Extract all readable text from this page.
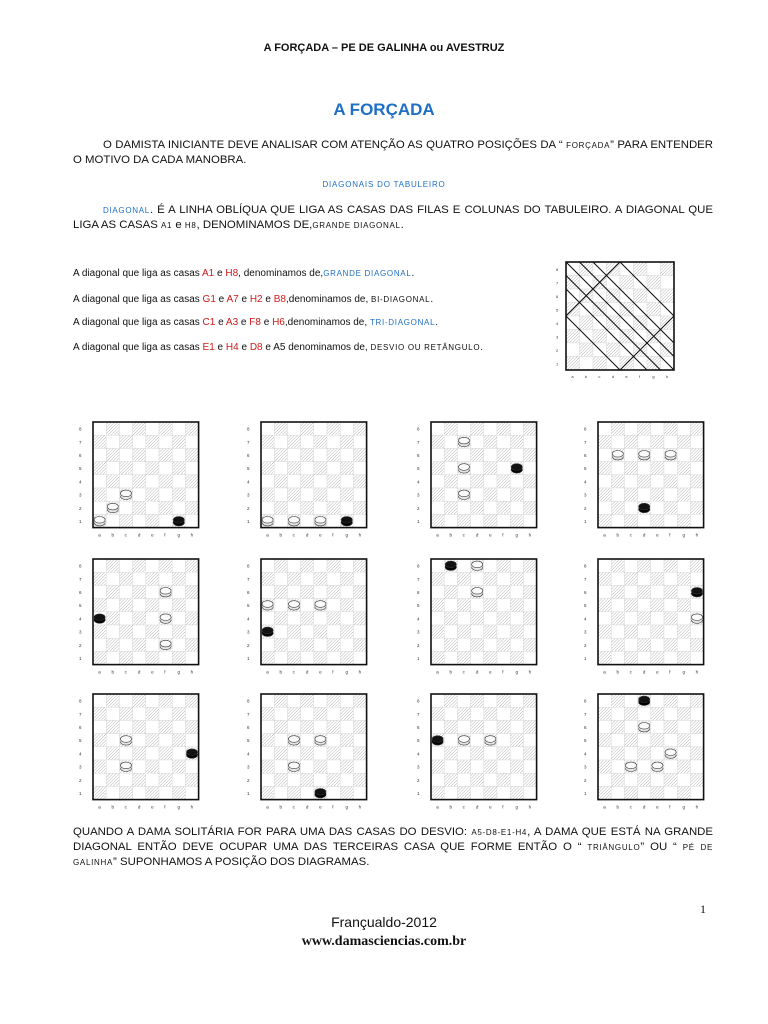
A FORÇADA – PE DE GALINHA ou AVESTRUZ
A FORÇADA
O DAMISTA INICIANTE DEVE ANALISAR COM ATENÇÃO AS QUATRO POSIÇÕES DA “ FORÇADA” PARA ENTENDER O MOTIVO DA CADA MANOBRA.
DIAGONAIS DO TABULEIRO
DIAGONAL. É A LINHA OBLÍQUA QUE LIGA AS CASAS DAS FILAS E COLUNAS DO TABULEIRO. A DIAGONAL QUE LIGA AS CASAS A1 e H8, DENOMINAMOS DE,GRANDE DIAGONAL.
A diagonal que liga as casas A1 e H8, denominamos de,GRANDE DIAGONAL.
A diagonal que liga as casas G1 e A7 e H2 e B8,denominamos de, BI-DIAGONAL.
A diagonal que liga as casas C1 e A3 e F8 e H6,denominamos de, TRI-DIAGONAL.
A diagonal que liga as casas E1 e H4 e D8 e A5 denominamos de, DESVIO OU RETÂNGULO.
1
2
3
4
5
6
7
8
a	b	c	d	e	f	g	h
1
2
3
4
5
6
7
8
a b c d e f	g h
1
2
3
4
5
6
7
8
a b c d e f	g h
1
2
3
4
5
6
7
8
a b c d e f	g h
1
2
3
4
5
6
7
8
a b c d e f	g h
1
2
3
4
5
6
7
8
a b c d e f	g h
1
2
3
4
5
6
7
8
a b c d e f	g h
1
2
3
4
5
6
7
8
a b c d e f	g h
1
2
3
4
5
6
7
8
a b c d e f	g h
1
2
3
4
5
6
7
8
a b c d e f	g h
1
2
3
4
5
6
7
8
a b c d e f	g h
1
2
3
4
5
6
7
8
a b c d e f	g h
1
2
3
4
5
6
7
8
a b c d e f	g h
QUANDO A DAMA SOLITÁRIA FOR PARA UMA DAS CASAS DO DESVIO: A5-D8-E1-H4, A DAMA QUE ESTÁ NA GRANDE DIAGONAL ENTÃO DEVE OCUPAR UMA DAS TERCEIRAS CASA QUE FORME ENTÃO O “ TRIÂNGULO” OU “ PÉ DE GALINHA” SUPONHAMOS A POSIÇÃO DOS DIAGRAMAS.
1
Françualdo-2012
www.damasciencias.com.br
